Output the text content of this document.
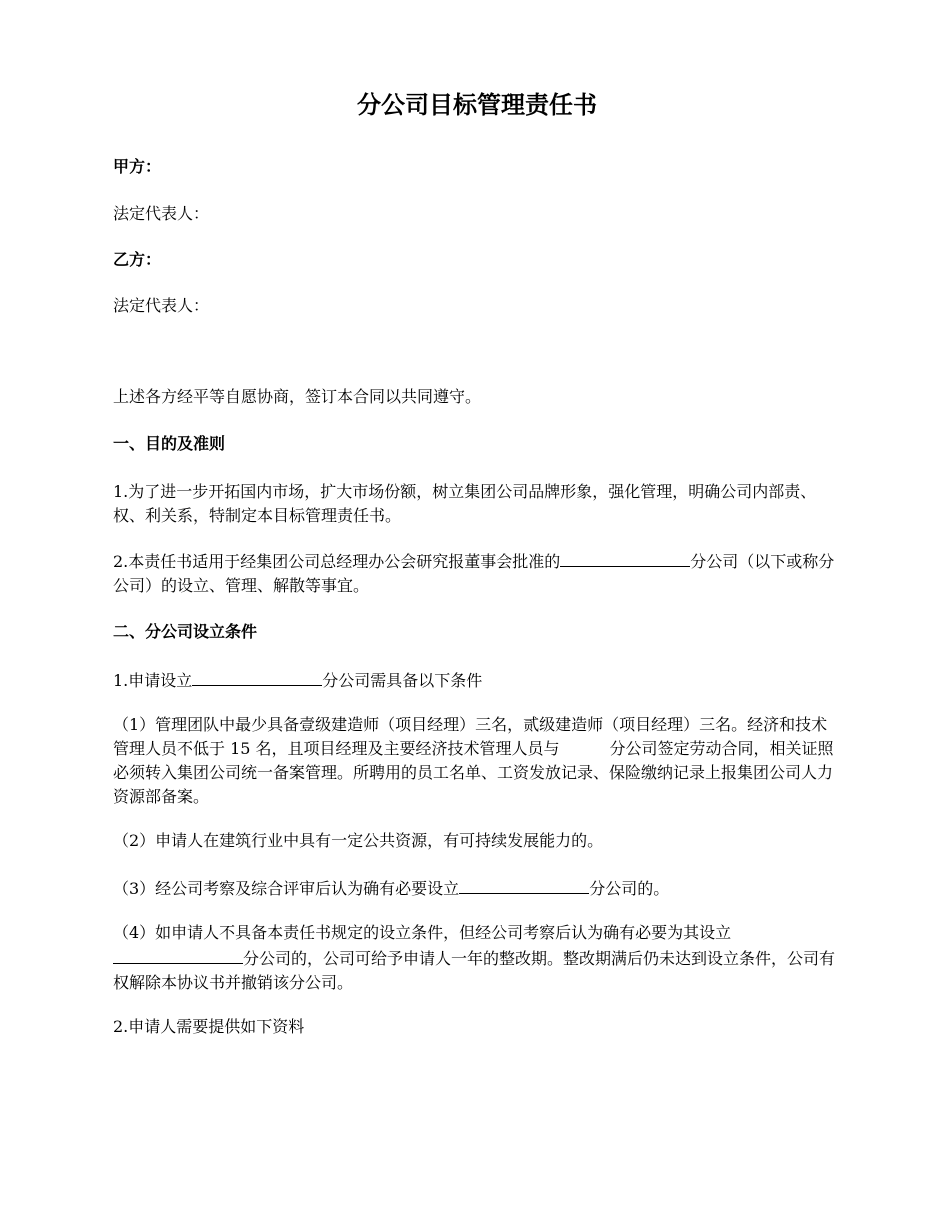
分公司目标管理责任书

甲方：

法定代表人：

乙方：

法定代表人：

上述各方经平等自愿协商，签订本合同以共同遵守。

一、目的及准则

1.为了进一步开拓国内市场，扩大市场份额，树立集团公司品牌形象，强化管理，明确公司内部责、权、利关系，特制定本目标管理责任书。

2.本责任书适用于经集团公司总经理办公会研究报董事会批准的	分公司（以下或称分公司）的设立、管理、解散等事宜。

二、分公司设立条件

1.申请设立	分公司需具备以下条件

（1）管理团队中最少具备壹级建造师（项目经理）三名，贰级建造师（项目经理）三名。经济和技术管理人员不低于 15 名，且项目经理及主要经济技术管理人员与	分公司签定劳动合同，相关证照必须转入集团公司统一备案管理。所聘用的员工名单、工资发放记录、保险缴纳记录上报集团公司人力资源部备案。

（2）申请人在建筑行业中具有一定公共资源，有可持续发展能力的。

（3）经公司考察及综合评审后认为确有必要设立	分公司的。

（4）如申请人不具备本责任书规定的设立条件，但经公司考察后认为确有必要为其设立分公司的，公司可给予申请人一年的整改期。整改期满后仍未达到设立条件，公司有权解除本协议书并撤销该分公司。

2.申请人需要提供如下资料
